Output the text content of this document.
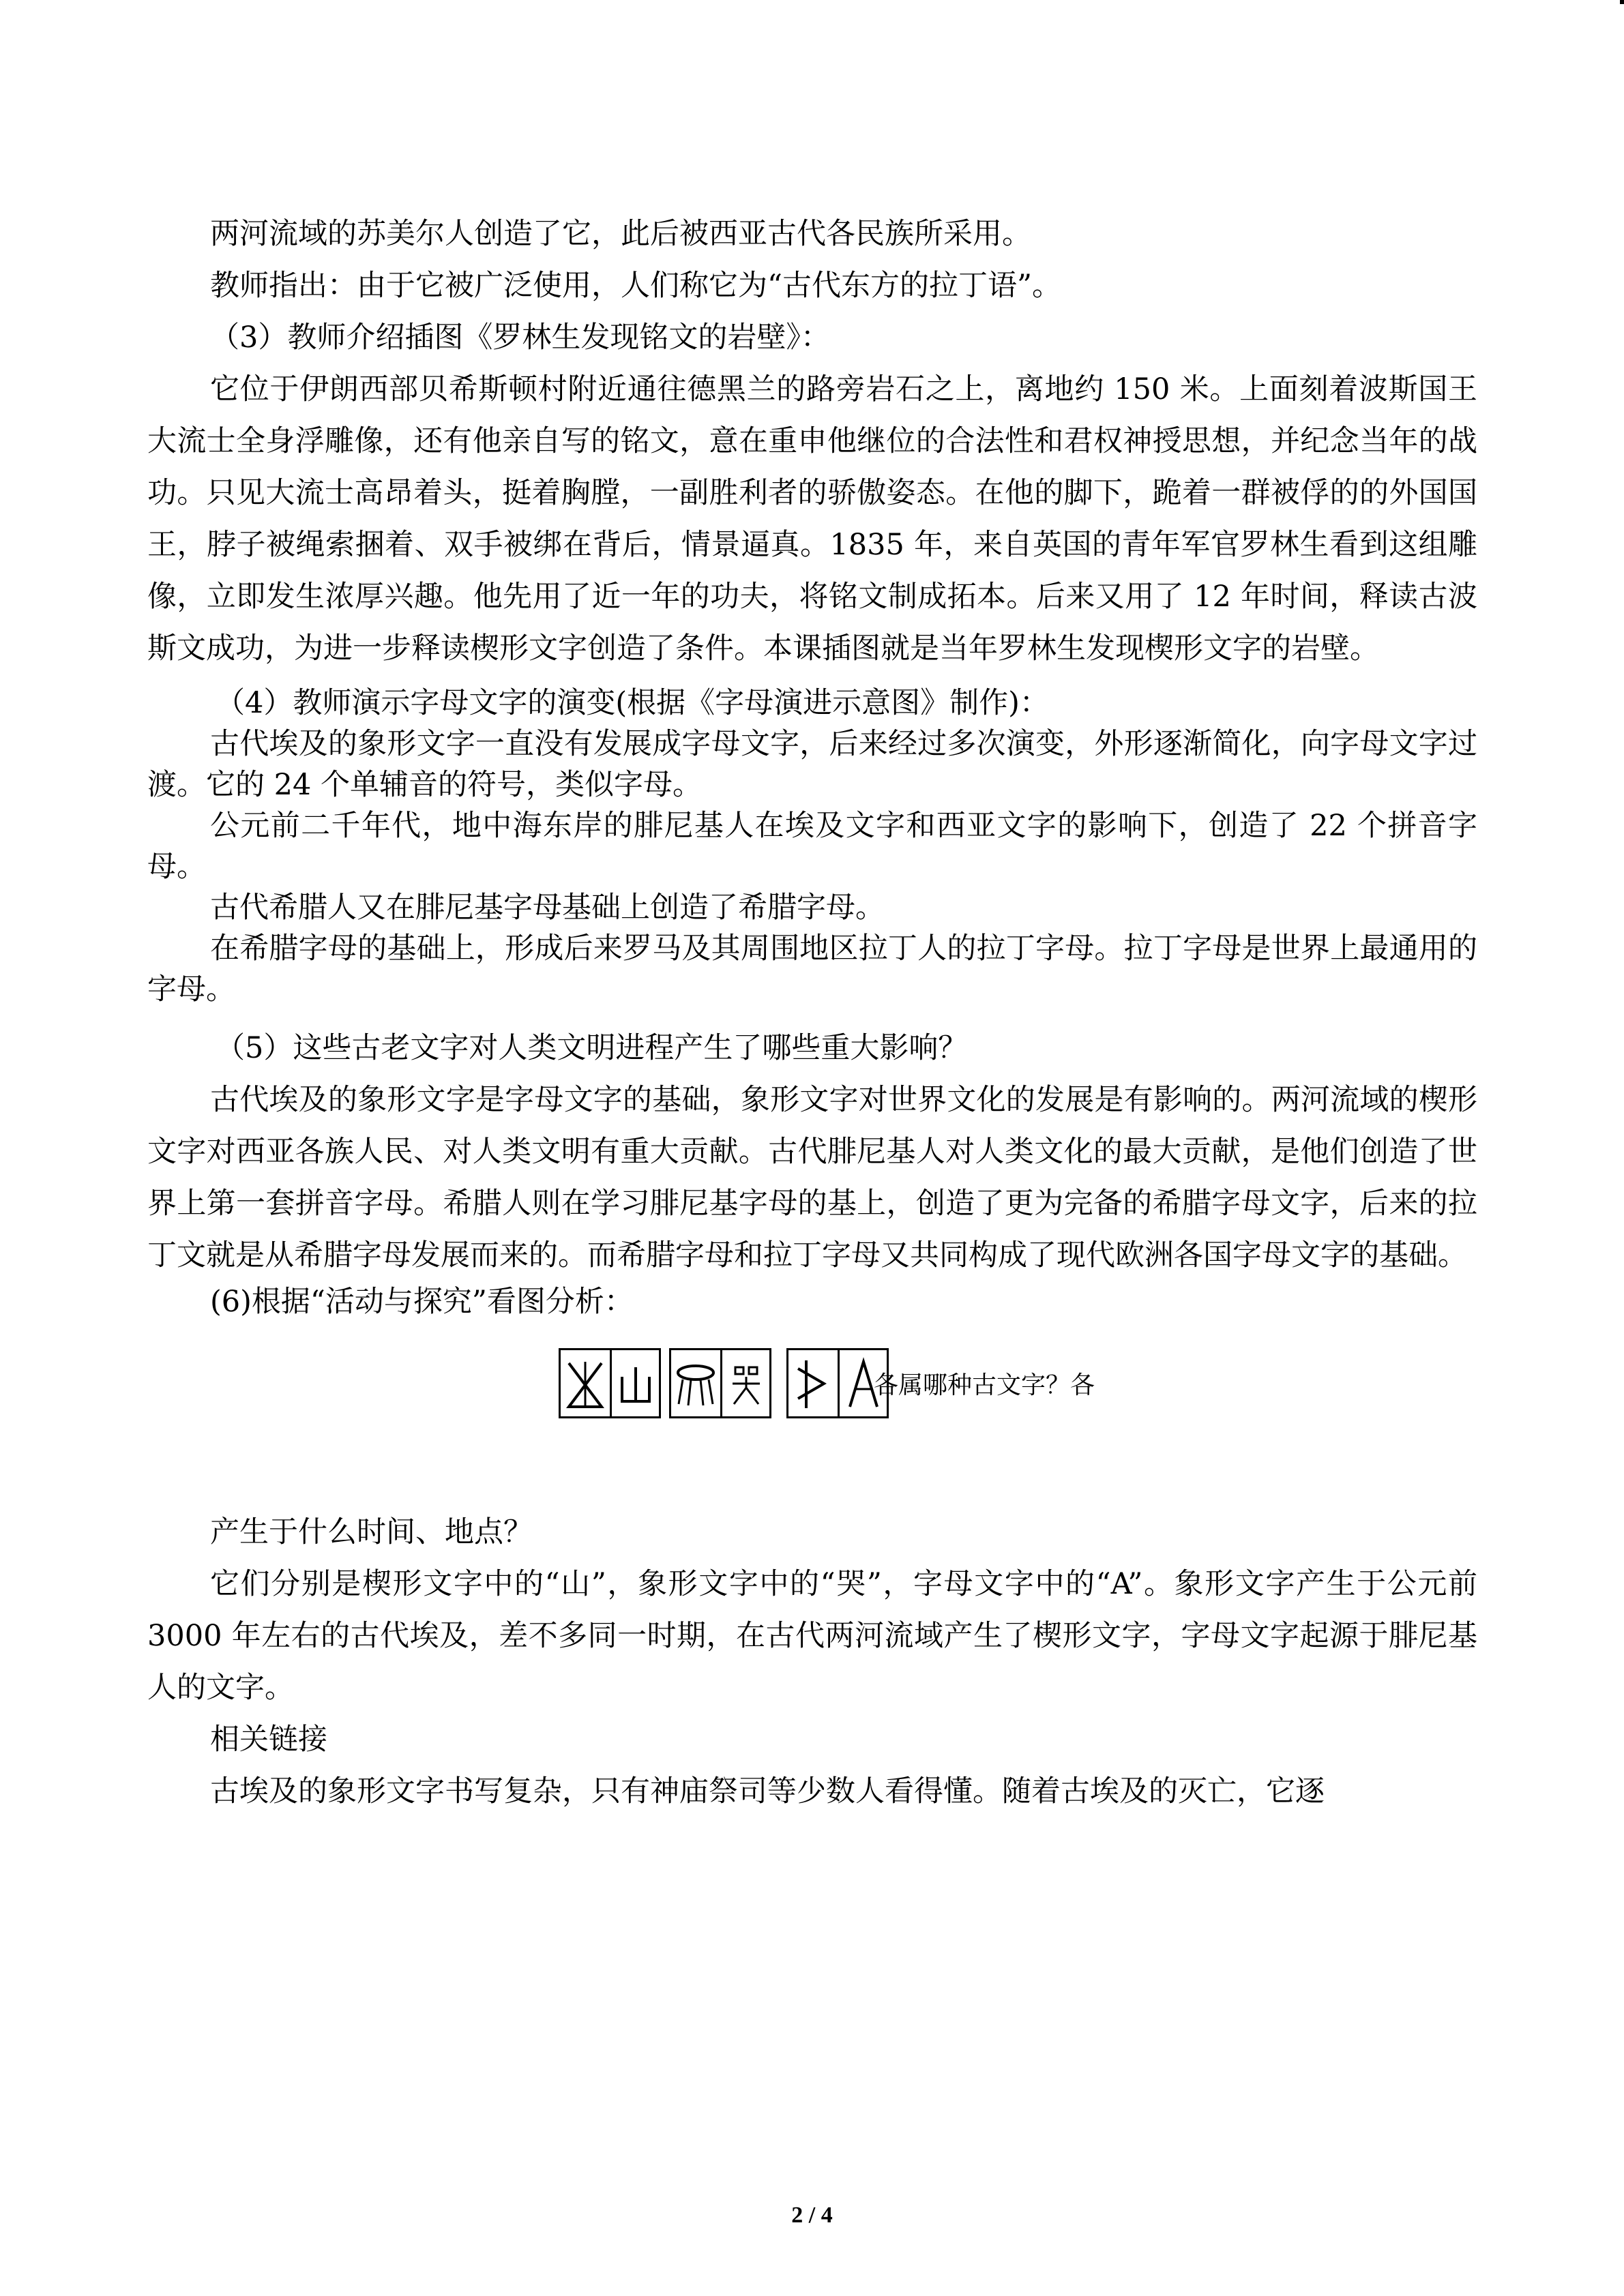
两河流域的苏美尔人创造了它，此后被西亚古代各民族所采用。

教师指出：由于它被广泛使用，人们称它为“古代东方的拉丁语”。

（3）教师介绍插图《罗林生发现铭文的岩壁》：

它位于伊朗西部贝希斯顿村附近通往德黑兰的路旁岩石之上，离地约 150 米。上面刻着波斯国王大流士全身浮雕像，还有他亲自写的铭文，意在重申他继位的合法性和君权神授思想，并纪念当年的战功。只见大流士高昂着头，挺着胸膛，一副胜利者的骄傲姿态。在他的脚下，跪着一群被俘的的外国国王，脖子被绳索捆着、双手被绑在背后，情景逼真。1835 年，来自英国的青年军官罗林生看到这组雕像，立即发生浓厚兴趣。他先用了近一年的功夫，将铭文制成拓本。后来又用了 12 年时间，释读古波斯文成功，为进一步释读楔形文字创造了条件。本课插图就是当年罗林生发现楔形文字的岩壁。

（4）教师演示字母文字的演变(根据《字母演进示意图》制作)：

古代埃及的象形文字一直没有发展成字母文字，后来经过多次演变，外形逐渐简化，向字母文字过渡。它的 24 个单辅音的符号，类似字母。

公元前二千年代，地中海东岸的腓尼基人在埃及文字和西亚文字的影响下，创造了 22 个拼音字母。

古代希腊人又在腓尼基字母基础上创造了希腊字母。

在希腊字母的基础上，形成后来罗马及其周围地区拉丁人的拉丁字母。拉丁字母是世界上最通用的字母。

（5）这些古老文字对人类文明进程产生了哪些重大影响？

古代埃及的象形文字是字母文字的基础，象形文字对世界文化的发展是有影响的。两河流域的楔形文字对西亚各族人民、对人类文明有重大贡献。古代腓尼基人对人类文化的最大贡献，是他们创造了世界上第一套拼音字母。希腊人则在学习腓尼基字母的基上，创造了更为完备的希腊字母文字，后来的拉丁文就是从希腊字母发展而来的。而希腊字母和拉丁字母又共同构成了现代欧洲各国字母文字的基础。

(6)根据“活动与探究”看图分析：

各属哪种古文字？各

产生于什么时间、地点？

它们分别是楔形文字中的“山”，象形文字中的“哭”，字母文字中的“A”。象形文字产生于公元前 3000 年左右的古代埃及，差不多同一时期，在古代两河流域产生了楔形文字，字母文字起源于腓尼基人的文字。

相关链接

古埃及的象形文字书写复杂，只有神庙祭司等少数人看得懂。随着古埃及的灭亡，它逐

2 / 4
